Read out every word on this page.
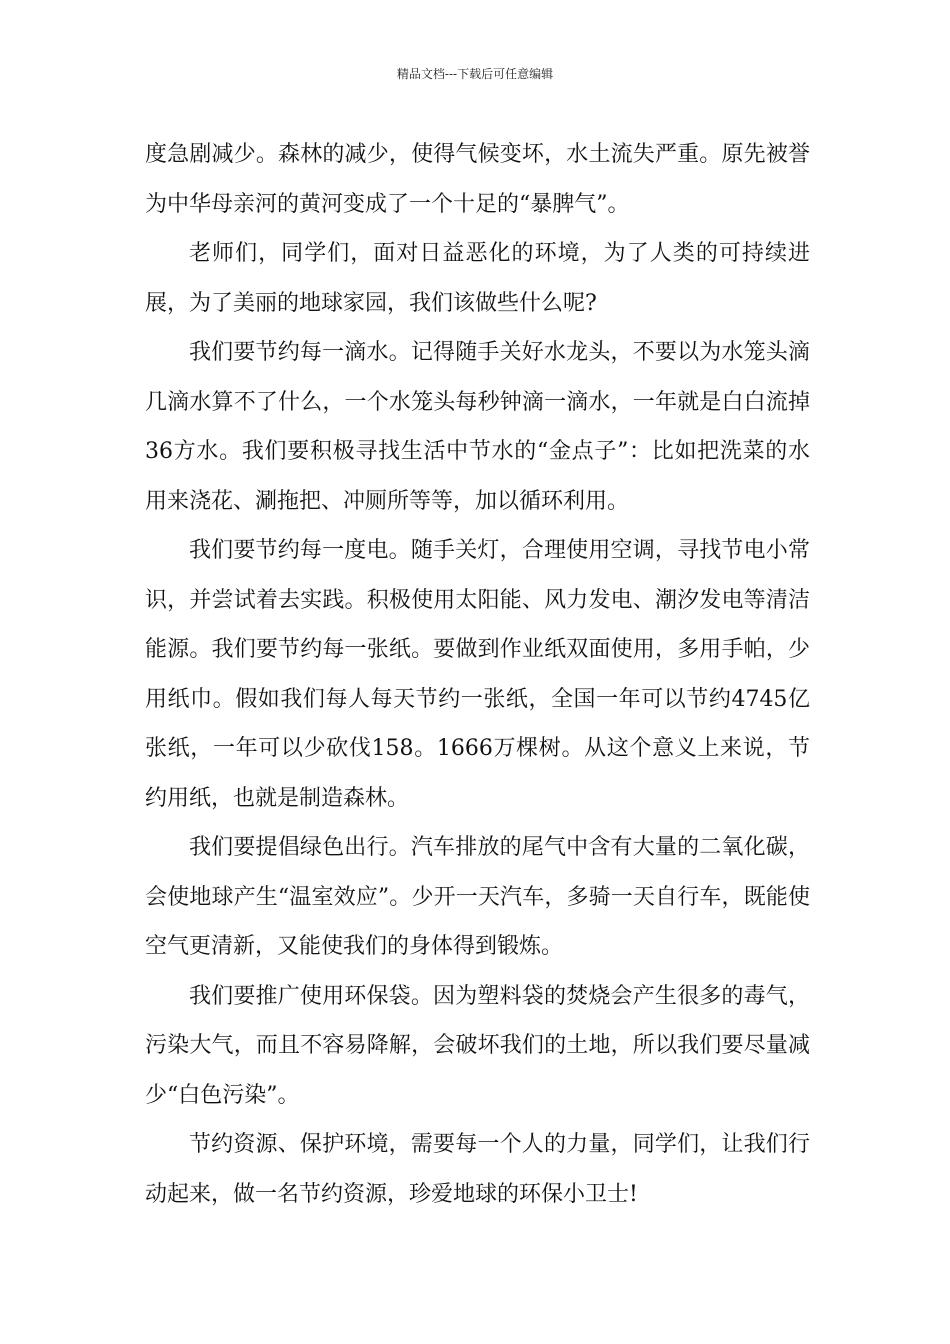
精品文档---下载后可任意编辑

度急剧减少。森林的减少，使得气候变坏，水土流失严重。原先被誉为中华母亲河的黄河变成了一个十足的“暴脾气”。

老师们，同学们，面对日益恶化的环境，为了人类的可持续进展，为了美丽的地球家园，我们该做些什么呢?

我们要节约每一滴水。记得随手关好水龙头，不要以为水笼头滴几滴水算不了什么，一个水笼头每秒钟滴一滴水，一年就是白白流掉36方水。我们要积极寻找生活中节水的“金点子”：比如把洗菜的水用来浇花、涮拖把、冲厕所等等，加以循环利用。

我们要节约每一度电。随手关灯，合理使用空调，寻找节电小常识，并尝试着去实践。积极使用太阳能、风力发电、潮汐发电等清洁能源。我们要节约每一张纸。要做到作业纸双面使用，多用手帕，少用纸巾。假如我们每人每天节约一张纸，全国一年可以节约4745亿张纸，一年可以少砍伐158。1666万棵树。从这个意义上来说，节约用纸，也就是制造森林。

我们要提倡绿色出行。汽车排放的尾气中含有大量的二氧化碳，会使地球产生“温室效应”。少开一天汽车，多骑一天自行车，既能使空气更清新，又能使我们的身体得到锻炼。

我们要推广使用环保袋。因为塑料袋的焚烧会产生很多的毒气，污染大气，而且不容易降解，会破坏我们的土地，所以我们要尽量减少“白色污染”。

节约资源、保护环境，需要每一个人的力量，同学们，让我们行动起来，做一名节约资源，珍爱地球的环保小卫士!
